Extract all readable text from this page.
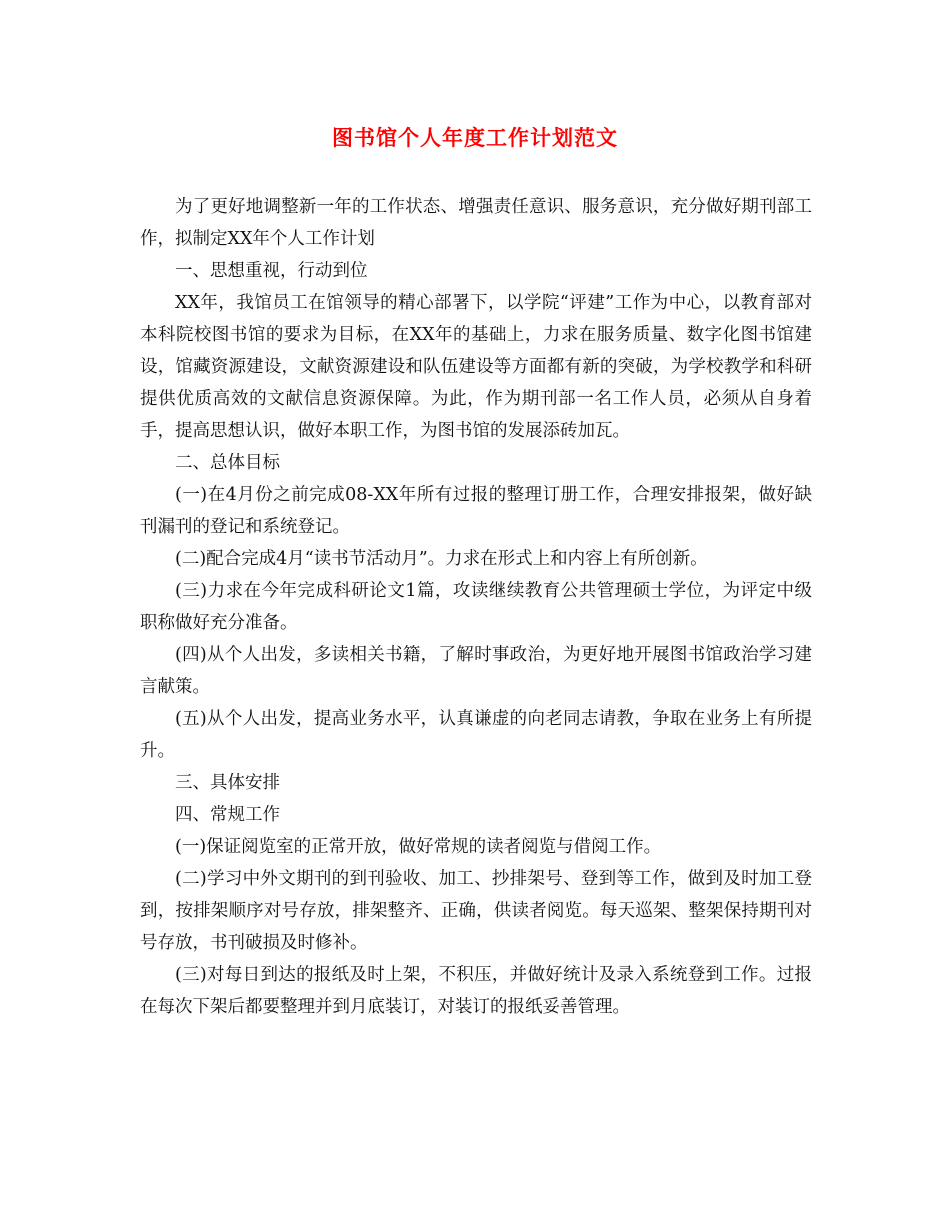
图书馆个人年度工作计划范文

为了更好地调整新一年的工作状态、增强责任意识、服务意识，充分做好期刊部工作，拟制定XX年个人工作计划

一、思想重视，行动到位

XX年，我馆员工在馆领导的精心部署下，以学院“评建”工作为中心，以教育部对本科院校图书馆的要求为目标，在XX年的基础上，力求在服务质量、数字化图书馆建设，馆藏资源建设，文献资源建设和队伍建设等方面都有新的突破，为学校教学和科研提供优质高效的文献信息资源保障。为此，作为期刊部一名工作人员，必须从自身着手，提高思想认识，做好本职工作，为图书馆的发展添砖加瓦。

二、总体目标

(一)在4月份之前完成08-XX年所有过报的整理订册工作，合理安排报架，做好缺刊漏刊的登记和系统登记。

(二)配合完成4月“读书节活动月”。力求在形式上和内容上有所创新。

(三)力求在今年完成科研论文1篇，攻读继续教育公共管理硕士学位，为评定中级职称做好充分准备。

(四)从个人出发，多读相关书籍，了解时事政治，为更好地开展图书馆政治学习建言献策。

(五)从个人出发，提高业务水平，认真谦虚的向老同志请教，争取在业务上有所提升。

三、具体安排

四、常规工作

(一)保证阅览室的正常开放，做好常规的读者阅览与借阅工作。

(二)学习中外文期刊的到刊验收、加工、抄排架号、登到等工作，做到及时加工登到，按排架顺序对号存放，排架整齐、正确，供读者阅览。每天巡架、整架保持期刊对号存放，书刊破损及时修补。

(三)对每日到达的报纸及时上架，不积压，并做好统计及录入系统登到工作。过报在每次下架后都要整理并到月底装订，对装订的报纸妥善管理。
